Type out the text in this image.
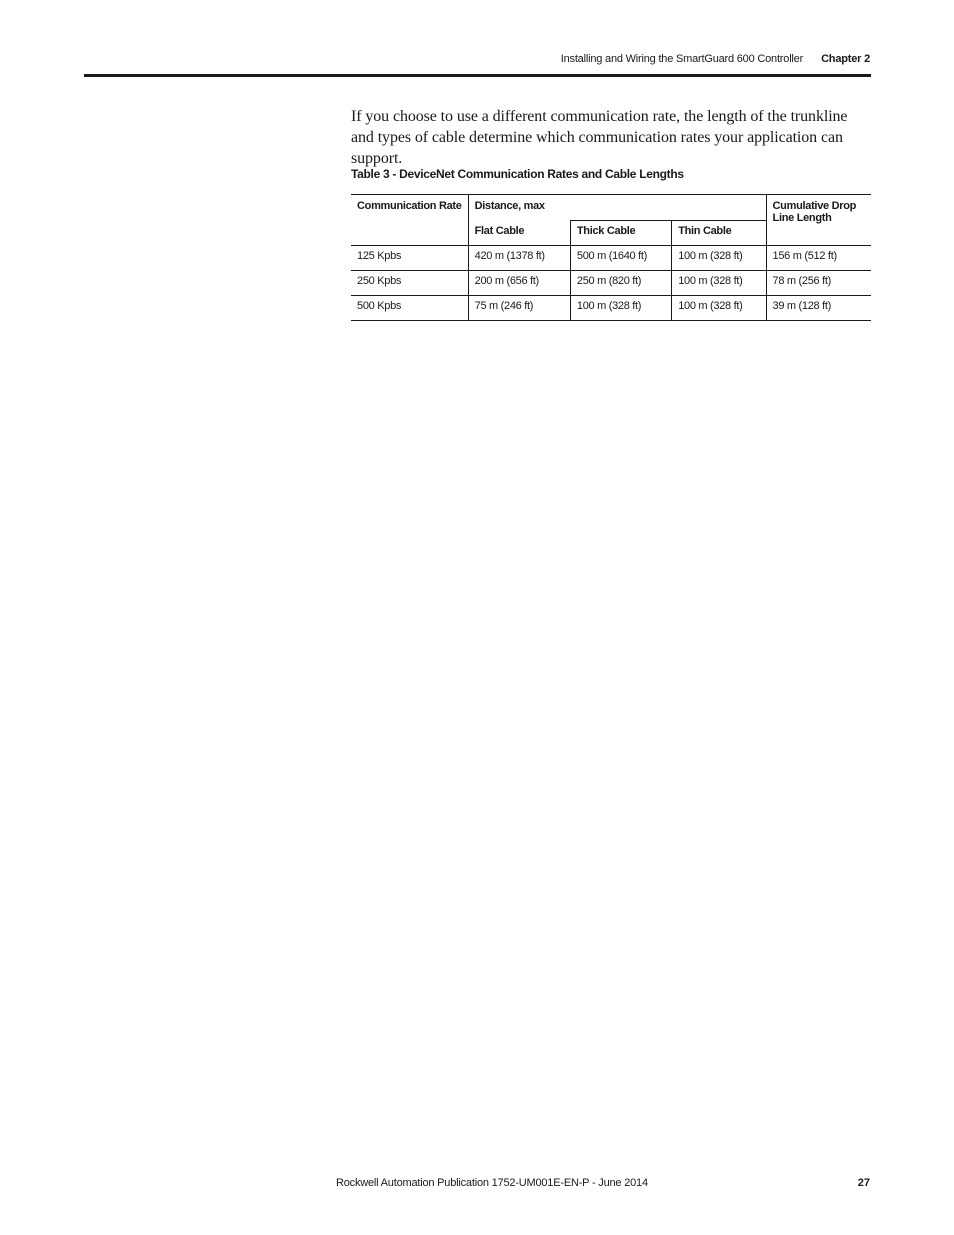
Installing and Wiring the SmartGuard 600 Controller Chapter 2

If you choose to use a different communication rate, the length of the trunkline and types of cable determine which communication rates your application can support.

Table 3 - DeviceNet Communication Rates and Cable Lengths
Communication Rate	Distance, max			Cumulative Drop Line Length
	Flat Cable	Thick Cable	Thin Cable	
125 Kpbs	420 m (1378 ft)	500 m (1640 ft)	100 m (328 ft)	156 m (512 ft)
250 Kpbs	200 m (656 ft)	250 m (820 ft)	100 m (328 ft)	78 m (256 ft)
500 Kpbs	75 m (246 ft)	100 m (328 ft)	100 m (328 ft)	39 m (128 ft)
Rockwell Automation Publication 1752-UM001E-EN-P - June 2014	27
